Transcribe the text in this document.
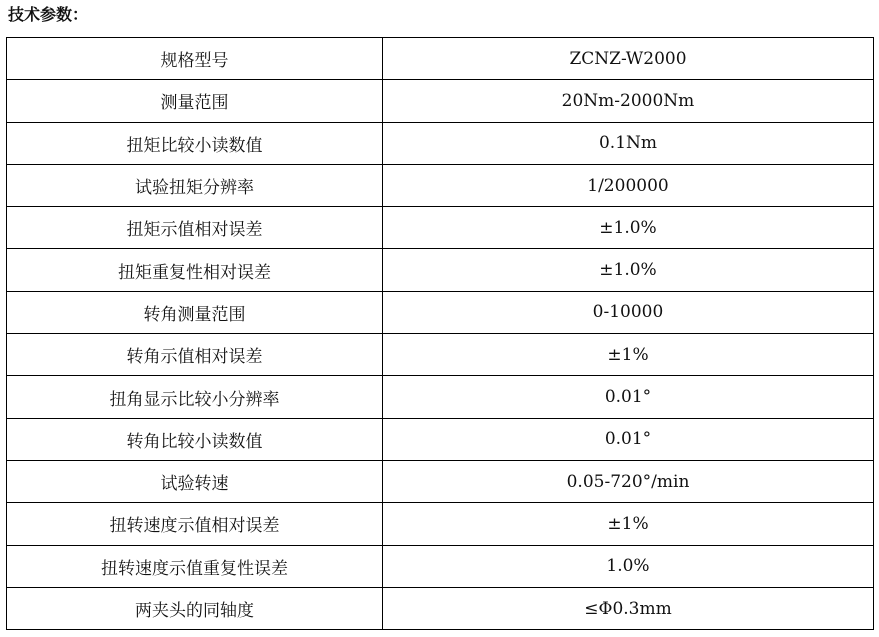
技术参数：
规格型号	ZCNZ-W2000
测量范围	20Nm-2000Nm
扭矩比较小读数值	0.1Nm
试验扭矩分辨率	1/200000
扭矩示值相对误差	±1.0%
扭矩重复性相对误差	±1.0%
转角测量范围	0-10000
转角示值相对误差	±1%
扭角显示比较小分辨率	0.01°
转角比较小读数值	0.01°
试验转速	0.05-720°/min
扭转速度示值相对误差	±1%
扭转速度示值重复性误差	1.0%
两夹头的同轴度	≤Φ0.3mm
